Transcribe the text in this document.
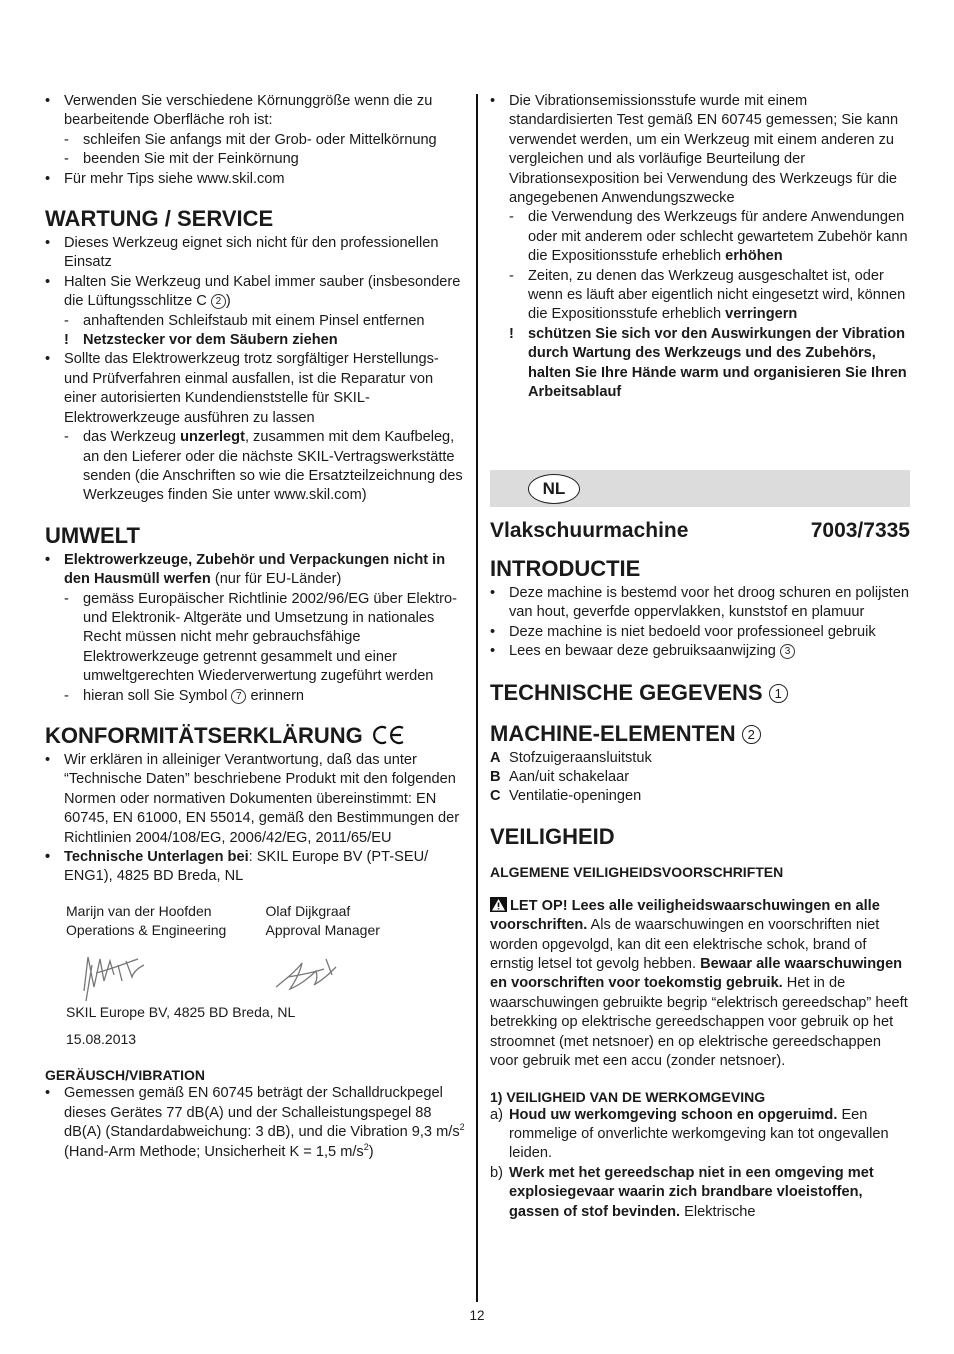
• Verwenden Sie verschiedene Körnunggröße wenn die zu bearbeitende Oberfläche roh ist:
- schleifen Sie anfangs mit der Grob- oder Mittelkörnung
- beenden Sie mit der Feinkörnung
• Für mehr Tips siehe www.skil.com
WARTUNG / SERVICE
• Dieses Werkzeug eignet sich nicht für den professionellen Einsatz
• Halten Sie Werkzeug und Kabel immer sauber (insbesondere die Lüftungsschlitze C 2 )
- anhaftenden Schleifstaub mit einem Pinsel entfernen
! Netzstecker vor dem Säubern ziehen
• Sollte das Elektrowerkzeug trotz sorgfältiger Herstellungs- und Prüfverfahren einmal ausfallen, ist die Reparatur von einer autorisierten Kundendienststelle für SKIL-Elektrowerkzeuge ausführen zu lassen
- das Werkzeug unzerlegt, zusammen mit dem Kaufbeleg, an den Lieferer oder die nächste SKIL-Vertragswerkstätte senden (die Anschriften so wie die Ersatzteilzeichnung des Werkzeuges finden Sie unter www.skil.com)
UMWELT
• Elektrowerkzeuge, Zubehör und Verpackungen nicht in den Hausmüll werfen (nur für EU-Länder)
- gemäss Europäischer Richtlinie 2002/96/EG über Elektro- und Elektronik- Altgeräte und Umsetzung in nationales Recht müssen nicht mehr gebrauchsfähige Elektrowerkzeuge getrennt gesammelt und einer umweltgerechten Wiederverwertung zugeführt werden
- hieran soll Sie Symbol 7 erinnern
KONFORMITÄTSERKLÄRUNG
• Wir erklären in alleiniger Verantwortung, daß das unter “Technische Daten” beschriebene Produkt mit den folgenden Normen oder normativen Dokumenten übereinstimmt: EN 60745, EN 61000, EN 55014, gemäß den Bestimmungen der Richtlinien 2004/108/EG, 2006/42/EG, 2011/65/EU
• Technische Unterlagen bei: SKIL Europe BV (PT-SEU/ ENG1), 4825 BD Breda, NL
Marijn van der Hoofden
Operations & Engineering
Olaf Dijkgraaf
Approval Manager
SKIL Europe BV, 4825 BD Breda, NL
15.08.2013
GERÄUSCH/VIBRATION
• Gemessen gemäß EN 60745 beträgt der Schalldruckpegel dieses Gerätes 77 dB(A) und der Schalleistungspegel 88 dB(A) (Standardabweichung: 3 dB), und die Vibration 9,3 $m/s^2$ (Hand-Arm Methode; Unsicherheit K = 1,5 $m/s^2$)
• Die Vibrationsemissionsstufe wurde mit einem standardisierten Test gemäß EN 60745 gemessen; Sie kann verwendet werden, um ein Werkzeug mit einem anderen zu vergleichen und als vorläufige Beurteilung der Vibrationsexposition bei Verwendung des Werkzeugs für die angegebenen Anwendungszwecke
- die Verwendung des Werkzeugs für andere Anwendungen oder mit anderem oder schlecht gewartetem Zubehör kann die Expositionsstufe erheblich erhöhen
- Zeiten, zu denen das Werkzeug ausgeschaltet ist, oder wenn es läuft aber eigentlich nicht eingesetzt wird, können die Expositionsstufe erheblich verringern
! schützen Sie sich vor den Auswirkungen der Vibration durch Wartung des Werkzeugs und des Zubehörs, halten Sie Ihre Hände warm und organisieren Sie Ihren Arbeitsablauf
NL
Vlakschuurmachine	7003/7335
INTRODUCTIE
• Deze machine is bestemd voor het droog schuren en polijsten van hout, geverfde oppervlakken, kunststof en plamuur
• Deze machine is niet bedoeld voor professioneel gebruik
• Lees en bewaar deze gebruiksaanwijzing 3
TECHNISCHE GEGEVENS 1
MACHINE-ELEMENTEN 2
A Stofzuigeraansluitstuk
B Aan/uit schakelaar
C Ventilatie-openingen
VEILIGHEID
ALGEMENE VEILIGHEIDSVOORSCHRIFTEN
LET OP! Lees alle veiligheidswaarschuwingen en alle voorschriften. Als de waarschuwingen en voorschriften niet worden opgevolgd, kan dit een elektrische schok, brand of ernstig letsel tot gevolg hebben. Bewaar alle waarschuwingen en voorschriften voor toekomstig gebruik. Het in de waarschuwingen gebruikte begrip “elektrisch gereedschap” heeft betrekking op elektrische gereedschappen voor gebruik op het stroomnet (met netsnoer) en op elektrische gereedschappen voor gebruik met een accu (zonder netsnoer).
1) VEILIGHEID VAN DE WERKOMGEVING
a) Houd uw werkomgeving schoon en opgeruimd. Een rommelige of onverlichte werkomgeving kan tot ongevallen leiden.
b) Werk met het gereedschap niet in een omgeving met explosiegevaar waarin zich brandbare vloeistoffen, gassen of stof bevinden. Elektrische
12
